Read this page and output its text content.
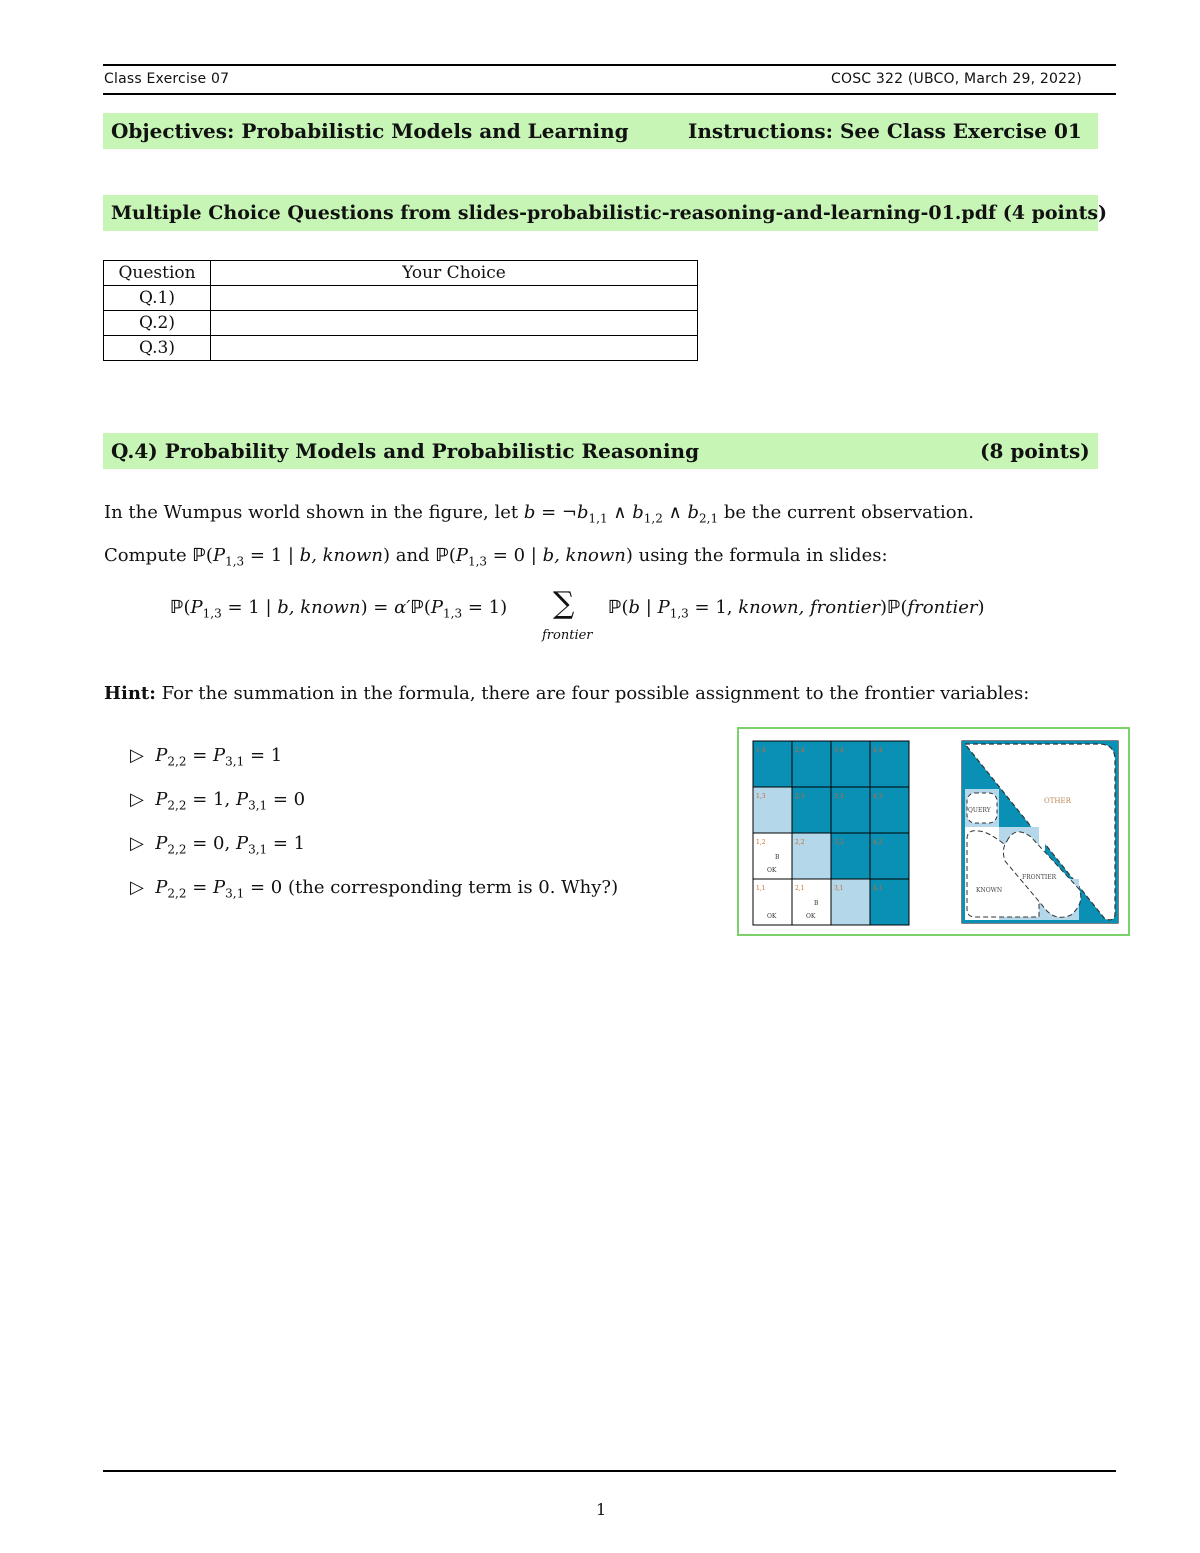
Class Exercise 07	COSC 322 (UBCO, March 29, 2022)
Objectives: Probabilistic Models and Learning	Instructions: See Class Exercise 01
Multiple Choice Questions from slides-probabilistic-reasoning-and-learning-01.pdf (4 points)
Question	Your Choice
Q.1)	
Q.2)	
Q.3)	
Q.4) Probability Models and Probabilistic Reasoning	(8 points)
In the Wumpus world shown in the figure, let $b = \neg b_{1,1}$ ∧ $b_{1,2}$ ∧ $b_{2,1}$ be the current observation.
Compute $ℙ(P_{1,3} = 1$ | b, known) and $ℙ(P_{1,3} = 0$ | b, known) using the formula in slides:
$ℙ(P_{1,3} = 1$ | b, known) = $\alpha'ℙ(P_{1,3} = 1)$ ∑
frontier
ℙ(b | $P_{1,3} = 1$, known, frontier)ℙ(frontier)
Hint: For the summation in the formula, there are four possible assignment to the frontier variables:
▷  $P_{2,2} = P_{3,1} = 1$
▷  $P_{2,2} = 1$, $P_{3,1} = 0$
▷  $P_{2,2} = 0$, $P_{3,1} = 1$
▷  $P_{2,2} = P_{3,1} = 0$ (the corresponding term is 0. Why?)
1,4	2,4	3,4	4,4
1,3	2,3	3,3	4,3
1,2	2,2	3,2	4,2
1,1	2,1	3,1	4,1
B
OK
OK
B
OK
OTHER
QUERY
FRONTIER
KNOWN
1
